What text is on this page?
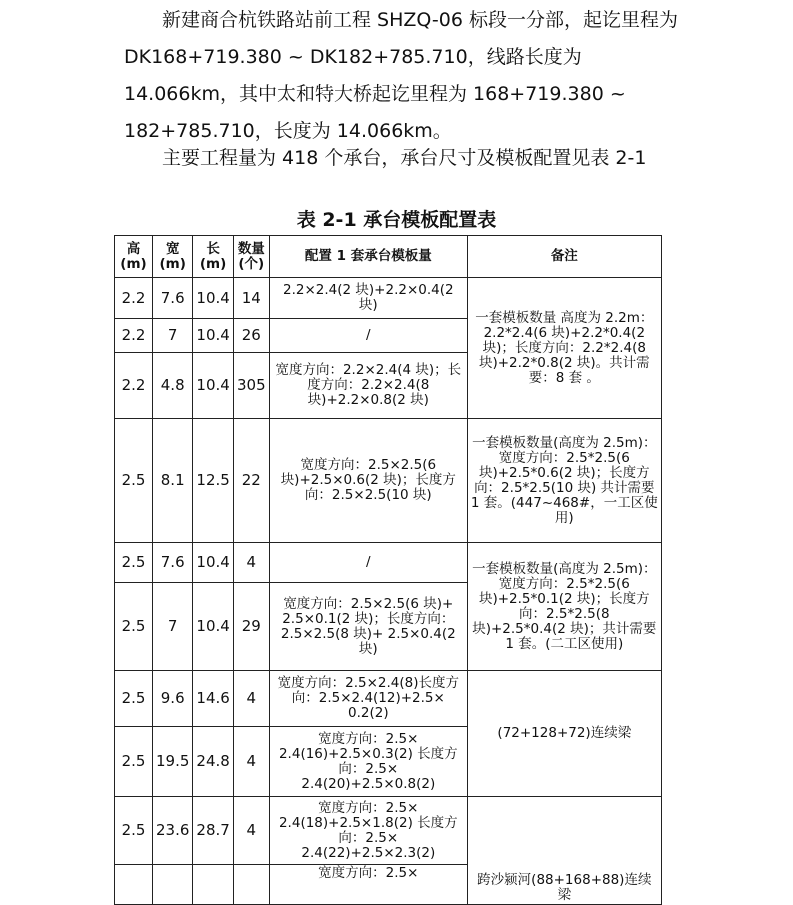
新建商合杭铁路站前工程 SHZQ-06 标段一分部，起讫里程为 DK168+719.380 ~ DK182+785.710，线路长度为 14.066km，其中太和特大桥起讫里程为 168+719.380 ~ 182+785.710，长度为 14.066km。

主要工程量为 418 个承台，承台尺寸及模板配置见表 2-1

表 2-1 承台模板配置表
高(m)	宽(m)	长(m)	数量(个)	配置 1 套承台模板量	备注
2.2	7.6	10.4	14	2.2×2.4(2 块)+2.2×0.4(2 块)	一套模板数量 高度为 2.2m：2.2*2.4(6 块)+2.2*0.4(2 块)；长度方向：2.2*2.4(8 块)+2.2*0.8(2 块)。共计需要：8 套 。
2.2	7	10.4	26	/	
2.2	4.8	10.4	305	宽度方向：2.2×2.4(4 块)；长度方向：2.2×2.4(8 块)+2.2×0.8(2 块)	
2.5	8.1	12.5	22	宽度方向：2.5×2.5(6 块)+2.5×0.6(2 块)；长度方向：2.5×2.5(10 块)	一套模板数量(高度为 2.5m)：宽度方向：2.5*2.5(6 块)+2.5*0.6(2 块)；长度方向：2.5*2.5(10 块) 共计需要 1 套。(447~468#，一工区使用)
2.5	7.6	10.4	4	/	一套模板数量(高度为 2.5m)：宽度方向：2.5*2.5(6 块)+2.5*0.1(2 块)；长度方向：2.5*2.5(8 块)+2.5*0.4(2 块)；共计需要 1 套。(二工区使用)
2.5	7	10.4	29	宽度方向：2.5×2.5(6 块)+ 2.5×0.1(2 块)；长度方向：2.5×2.5(8 块)+ 2.5×0.4(2 块)	
2.5	9.6	14.6	4	宽度方向：2.5×2.4(8)长度方向：2.5×2.4(12)+2.5× 0.2(2)	(72+128+72)连续梁
2.5	19.5	24.8	4	宽度方向：2.5× 2.4(16)+2.5×0.3(2) 长度方向：2.5× 2.4(20)+2.5×0.8(2)	
2.5	23.6	28.7	4	宽度方向：2.5× 2.4(18)+2.5×1.8(2) 长度方向：2.5× 2.4(22)+2.5×2.3(2)	跨沙颍河(88+168+88)连续梁
				宽度方向：2.5×	
